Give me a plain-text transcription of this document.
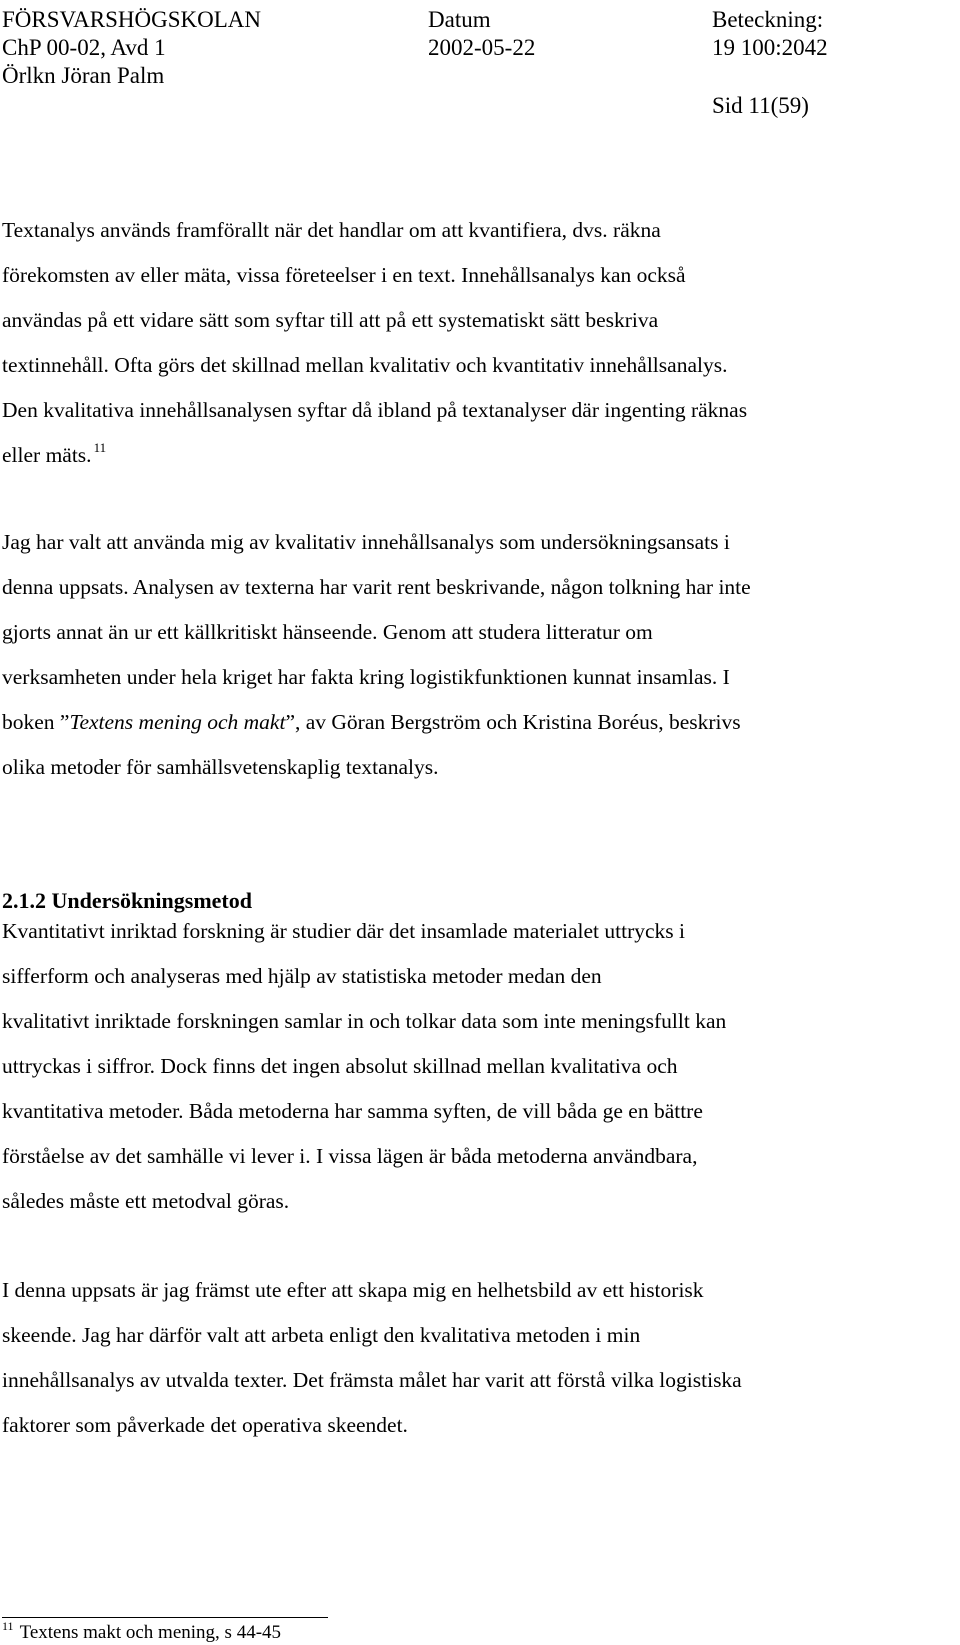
FÖRSVARSHÖGSKOLAN
ChP 00-02, Avd 1
Örlkn Jöran Palm
Datum
2002-05-22
Beteckning:
19 100:2042
Sid 11(59)
Textanalys används framförallt när det handlar om att kvantifiera, dvs. räkna
förekomsten av eller mäta, vissa företeelser i en text. Innehållsanalys kan också
användas på ett vidare sätt som syftar till att på ett systematiskt sätt beskriva
textinnehåll. Ofta görs det skillnad mellan kvalitativ och kvantitativ innehållsanalys.
Den kvalitativa innehållsanalysen syftar då ibland på textanalyser där ingenting räknas
eller mäts. $^{11}$
Jag har valt att använda mig av kvalitativ innehållsanalys som undersökningsansats i
denna uppsats. Analysen av texterna har varit rent beskrivande, någon tolkning har inte
gjorts annat än ur ett källkritiskt hänseende. Genom att studera litteratur om
verksamheten under hela kriget har fakta kring logistikfunktionen kunnat insamlas. I
boken ”Textens mening och makt”, av Göran Bergström och Kristina Boréus, beskrivs
olika metoder för samhällsvetenskaplig textanalys.
2.1.2 Undersökningsmetod
Kvantitativt inriktad forskning är studier där det insamlade materialet uttrycks i
sifferform och analyseras med hjälp av statistiska metoder medan den
kvalitativt inriktade forskningen samlar in och tolkar data som inte meningsfullt kan
uttryckas i siffror. Dock finns det ingen absolut skillnad mellan kvalitativa och
kvantitativa metoder. Båda metoderna har samma syften, de vill båda ge en bättre
förståelse av det samhälle vi lever i. I vissa lägen är båda metoderna användbara,
således måste ett metodval göras.
I denna uppsats är jag främst ute efter att skapa mig en helhetsbild av ett historisk
skeende. Jag har därför valt att arbeta enligt den kvalitativa metoden i min
innehållsanalys av utvalda texter. Det främsta målet har varit att förstå vilka logistiska
faktorer som påverkade det operativa skeendet.
$^{11}$ Textens makt och mening, s 44-45
